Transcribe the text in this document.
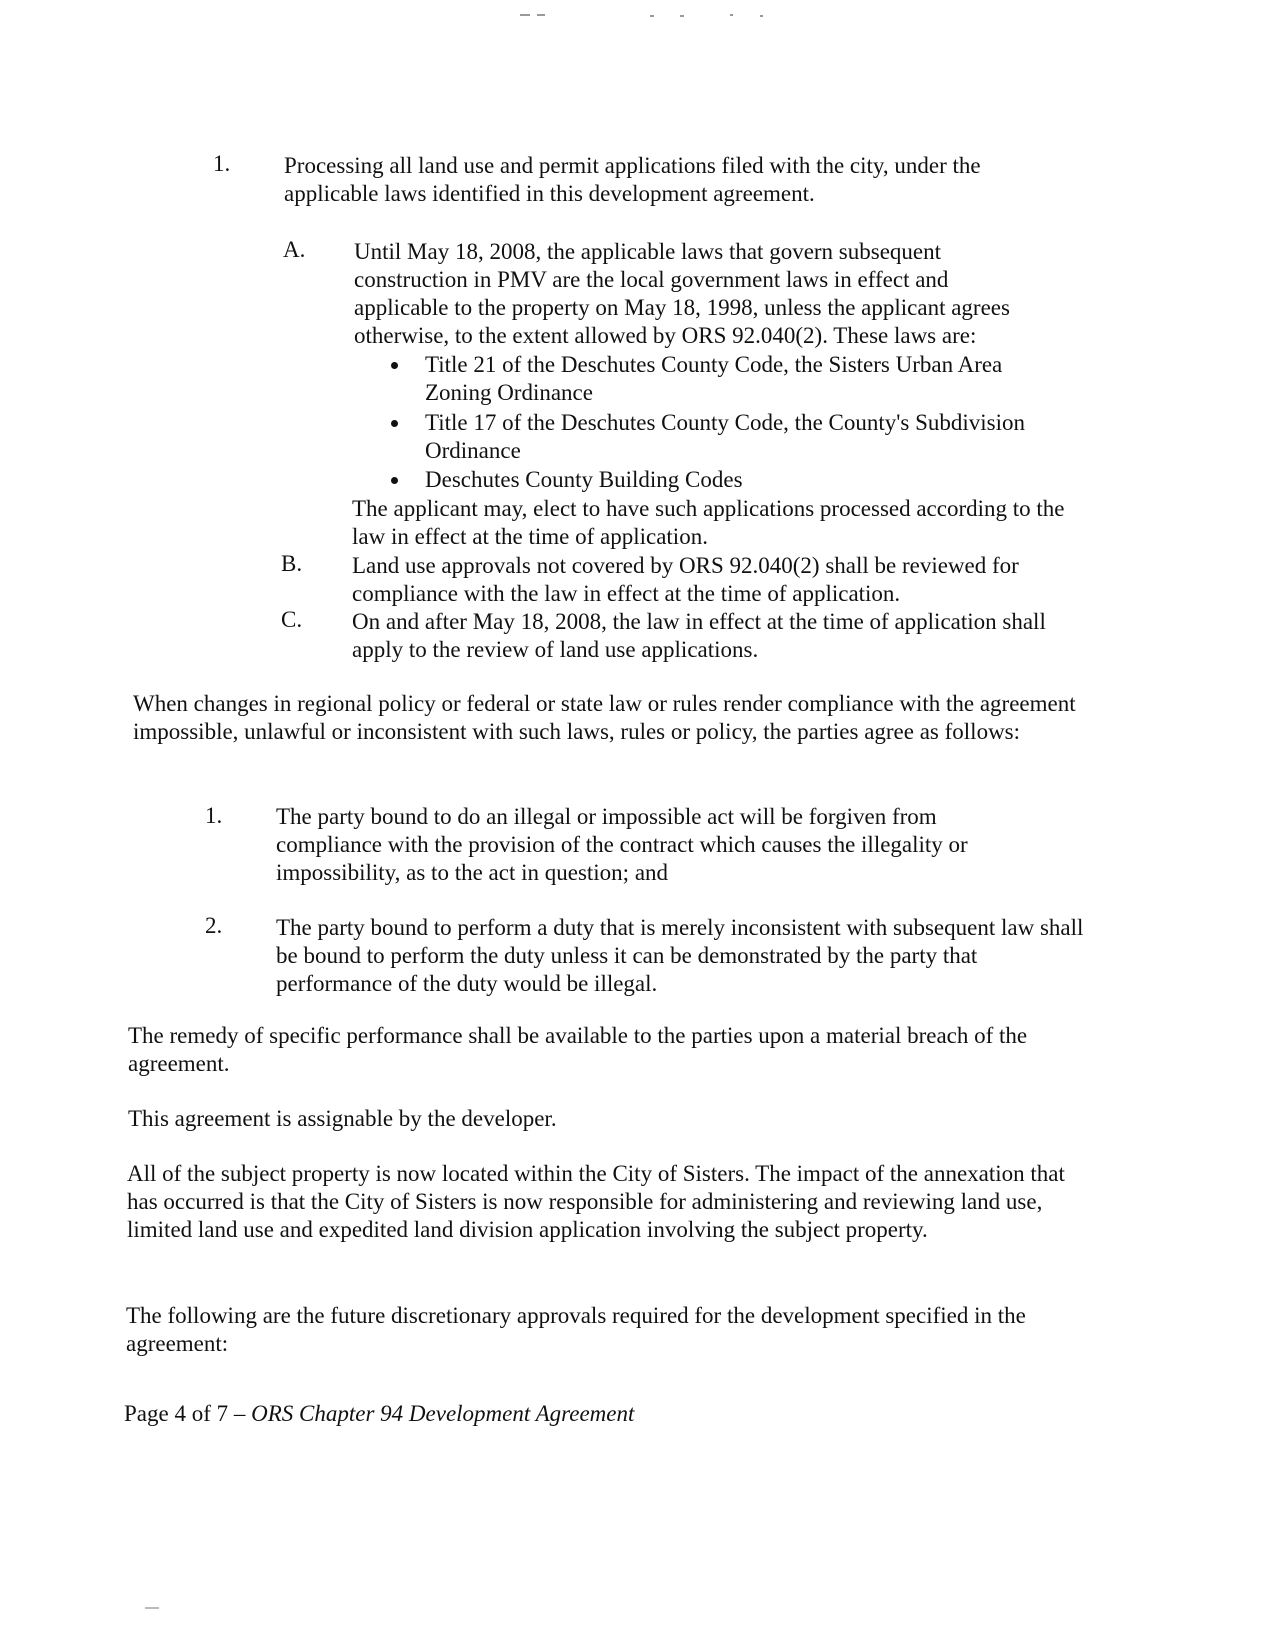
1. Processing all land use and permit applications filed with the city, under the applicable laws identified in this development agreement.
A. Until May 18, 2008, the applicable laws that govern subsequent construction in PMV are the local government laws in effect and applicable to the property on May 18, 1998, unless the applicant agrees otherwise, to the extent allowed by ORS 92.040(2). These laws are:
Title 21 of the Deschutes County Code, the Sisters Urban Area Zoning Ordinance
Title 17 of the Deschutes County Code, the County's Subdivision Ordinance
Deschutes County Building Codes
The applicant may, elect to have such applications processed according to the law in effect at the time of application.
B. Land use approvals not covered by ORS 92.040(2) shall be reviewed for compliance with the law in effect at the time of application.
C. On and after May 18, 2008, the law in effect at the time of application shall apply to the review of land use applications.
When changes in regional policy or federal or state law or rules render compliance with the agreement impossible, unlawful or inconsistent with such laws, rules or policy, the parties agree as follows:
1. The party bound to do an illegal or impossible act will be forgiven from compliance with the provision of the contract which causes the illegality or impossibility, as to the act in question; and
2. The party bound to perform a duty that is merely inconsistent with subsequent law shall be bound to perform the duty unless it can be demonstrated by the party that performance of the duty would be illegal.
The remedy of specific performance shall be available to the parties upon a material breach of the agreement.
This agreement is assignable by the developer.
All of the subject property is now located within the City of Sisters. The impact of the annexation that has occurred is that the City of Sisters is now responsible for administering and reviewing land use, limited land use and expedited land division application involving the subject property.
The following are the future discretionary approvals required for the development specified in the agreement:
Page 4 of 7 – ORS Chapter 94 Development Agreement
